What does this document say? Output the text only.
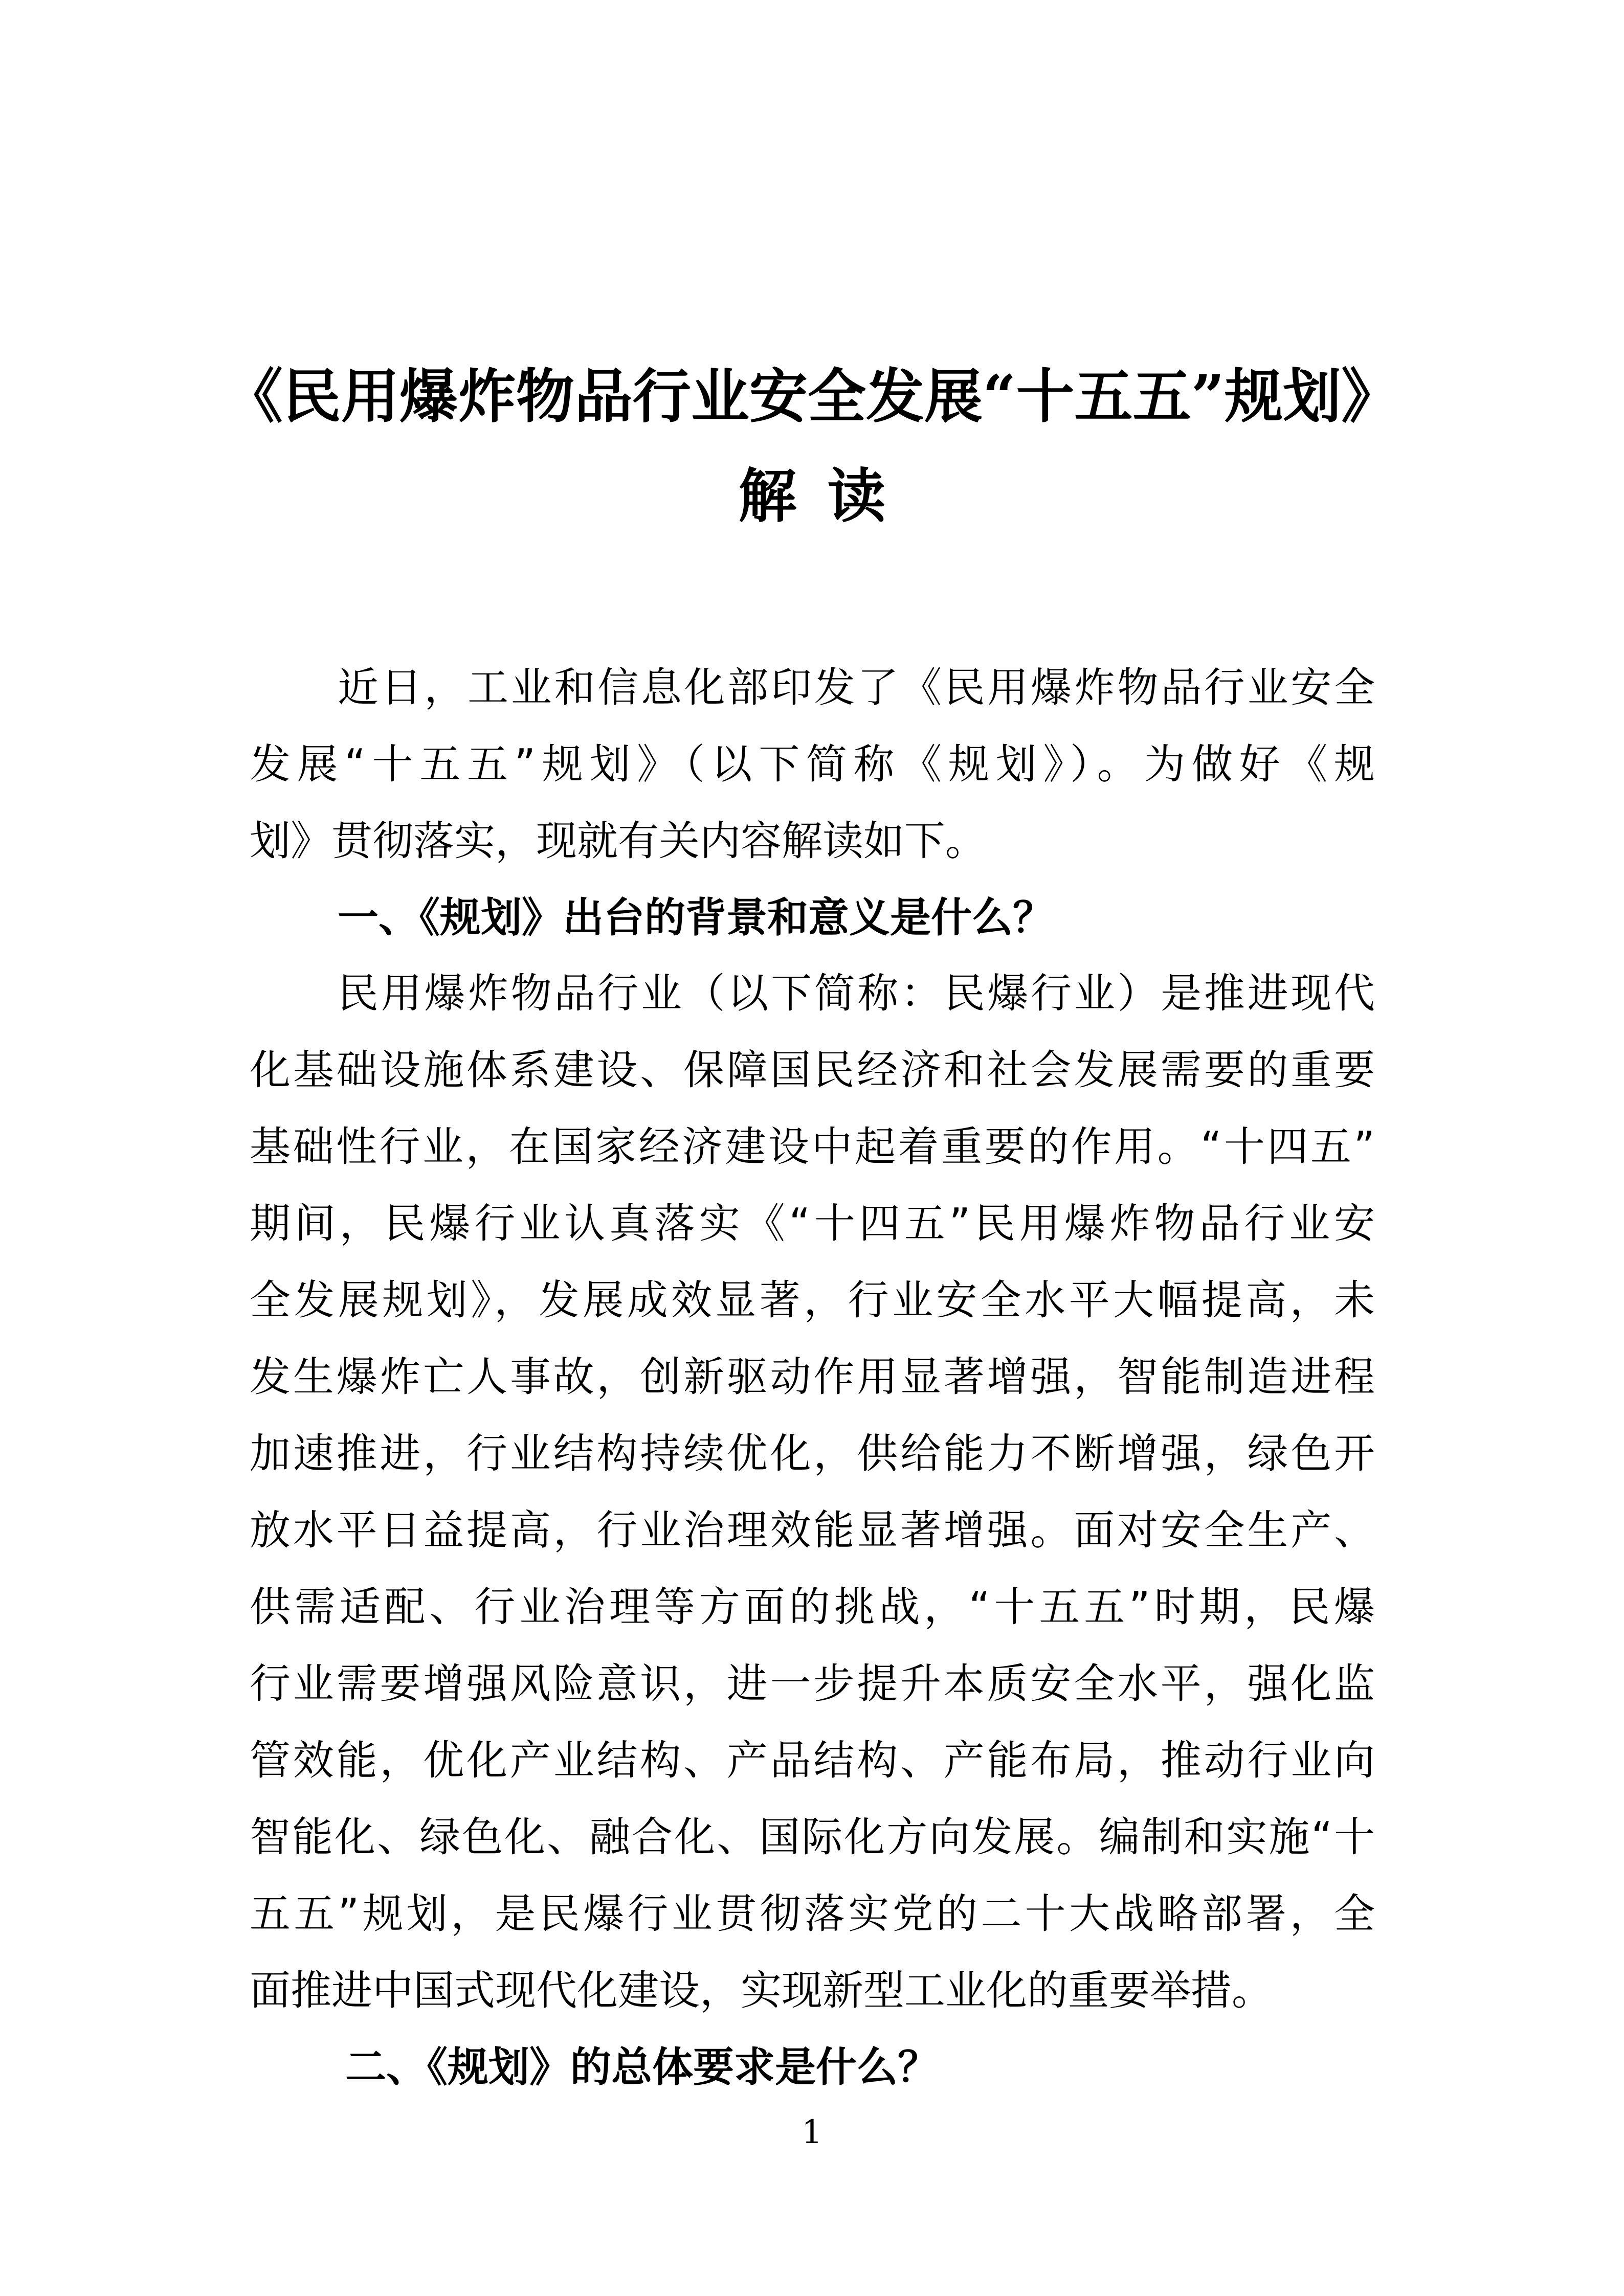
《民用爆炸物品行业安全发展“十五五”规划》
解读
近日，工业和信息化部印发了《民用爆炸物品行业安全
发展“十五五”规划》（以下简称《规划》）。为做好《规
划》贯彻落实，现就有关内容解读如下。
一、《规划》出台的背景和意义是什么？
民用爆炸物品行业（以下简称：民爆行业）是推进现代
化基础设施体系建设、保障国民经济和社会发展需要的重要
基础性行业，在国家经济建设中起着重要的作用。“十四五”
期间，民爆行业认真落实《“十四五”民用爆炸物品行业安
全发展规划》，发展成效显著，行业安全水平大幅提高，未
发生爆炸亡人事故，创新驱动作用显著增强，智能制造进程
加速推进，行业结构持续优化，供给能力不断增强，绿色开
放水平日益提高，行业治理效能显著增强。面对安全生产、
供需适配、行业治理等方面的挑战，“十五五”时期，民爆
行业需要增强风险意识，进一步提升本质安全水平，强化监
管效能，优化产业结构、产品结构、产能布局，推动行业向
智能化、绿色化、融合化、国际化方向发展。编制和实施“十
五五”规划，是民爆行业贯彻落实党的二十大战略部署，全
面推进中国式现代化建设，实现新型工业化的重要举措。
二、《规划》的总体要求是什么？
1
